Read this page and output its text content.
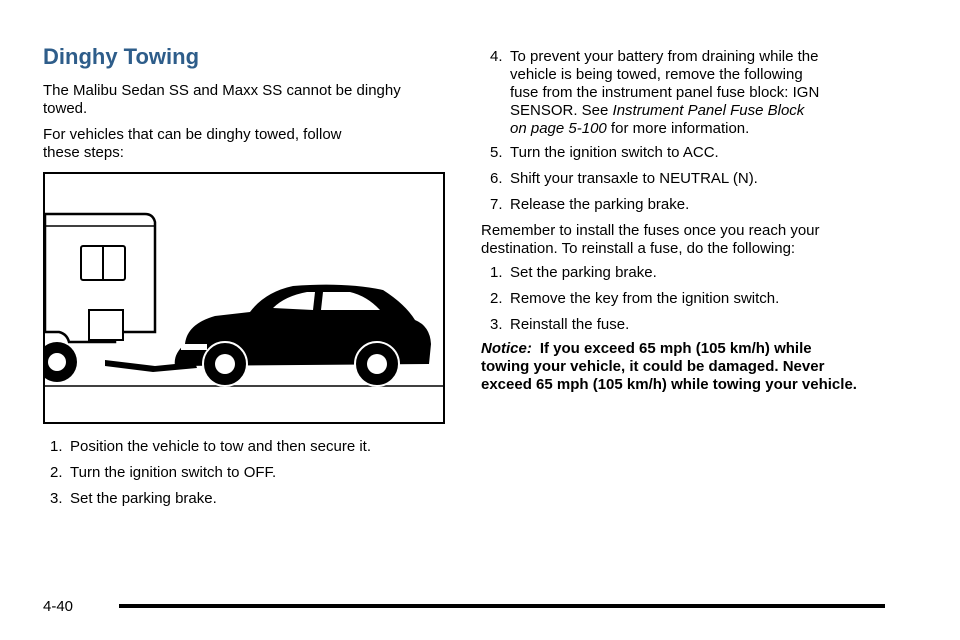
Dinghy Towing

The Malibu Sedan SS and Maxx SS cannot be dinghy towed.

For vehicles that can be dinghy towed, follow these steps:

1. Position the vehicle to tow and then secure it.

2. Turn the ignition switch to OFF.

3. Set the parking brake.

4. To prevent your battery from draining while the
vehicle is being towed, remove the following
fuse from the instrument panel fuse block: IGN
SENSOR. See Instrument Panel Fuse Block
on page 5-100 for more information.

5. Turn the ignition switch to ACC.

6. Shift your transaxle to NEUTRAL (N).

7. Release the parking brake.

Remember to install the fuses once you reach your destination. To reinstall a fuse, do the following:

1. Set the parking brake.

2. Remove the key from the ignition switch.

3. Reinstall the fuse.

Notice: If you exceed 65 mph (105 km/h) while towing your vehicle, it could be damaged. Never exceed 65 mph (105 km/h) while towing your vehicle.

4-40
